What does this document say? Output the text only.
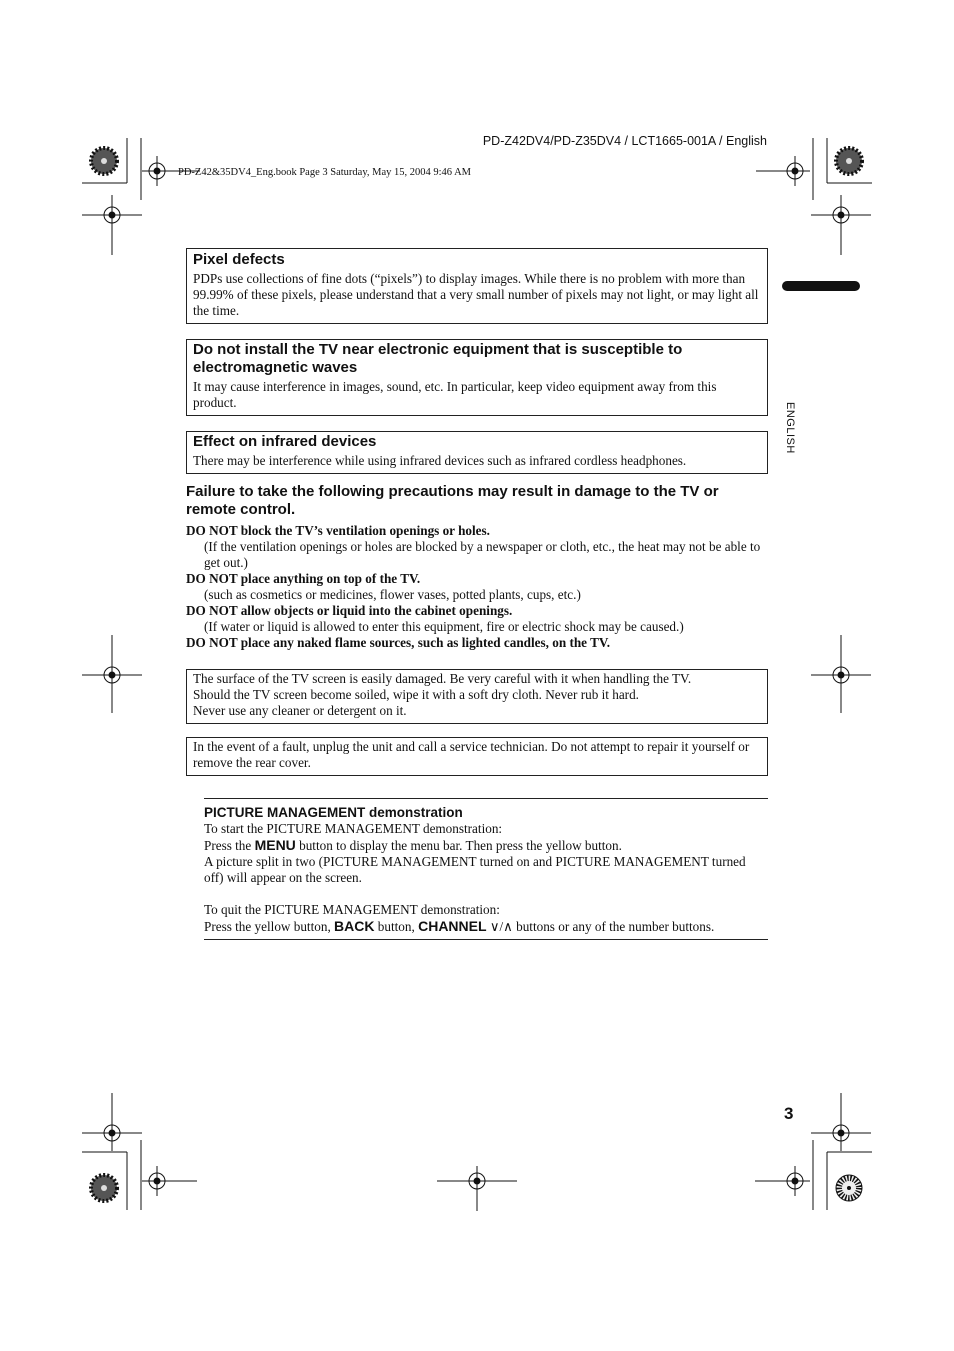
PD-Z42DV4/PD-Z35DV4 / LCT1665-001A / English
PD-Z42&35DV4_Eng.book Page 3 Saturday, May 15, 2004 9:46 AM
ENGLISH
Pixel defects
PDPs use collections of fine dots (“pixels”) to display images. While there is no problem with more than 99.99% of these pixels, please understand that a very small number of pixels may not light, or may light all the time.
Do not install the TV near electronic equipment that is susceptible to electromagnetic waves
It may cause interference in images, sound, etc. In particular, keep video equipment away from this product.
Effect on infrared devices
There may be interference while using infrared devices such as infrared cordless headphones.
Failure to take the following precautions may result in damage to the TV or remote control.
DO NOT block the TV’s ventilation openings or holes.
(If the ventilation openings or holes are blocked by a newspaper or cloth, etc., the heat may not be able to get out.)
DO NOT place anything on top of the TV.
(such as cosmetics or medicines, flower vases, potted plants, cups, etc.)
DO NOT allow objects or liquid into the cabinet openings.
(If water or liquid is allowed to enter this equipment, fire or electric shock may be caused.)
DO NOT place any naked flame sources, such as lighted candles, on the TV.
The surface of the TV screen is easily damaged. Be very careful with it when handling the TV.
Should the TV screen become soiled, wipe it with a soft dry cloth. Never rub it hard.
Never use any cleaner or detergent on it.
In the event of a fault, unplug the unit and call a service technician. Do not attempt to repair it yourself or remove the rear cover.
PICTURE MANAGEMENT demonstration
To start the PICTURE MANAGEMENT demonstration:
Press the MENU button to display the menu bar. Then press the yellow button.
A picture split in two (PICTURE MANAGEMENT turned on and PICTURE MANAGEMENT turned off) will appear on the screen.
To quit the PICTURE MANAGEMENT demonstration:
Press the yellow button, BACK button, CHANNEL ∨/∧ buttons or any of the number buttons.
3
